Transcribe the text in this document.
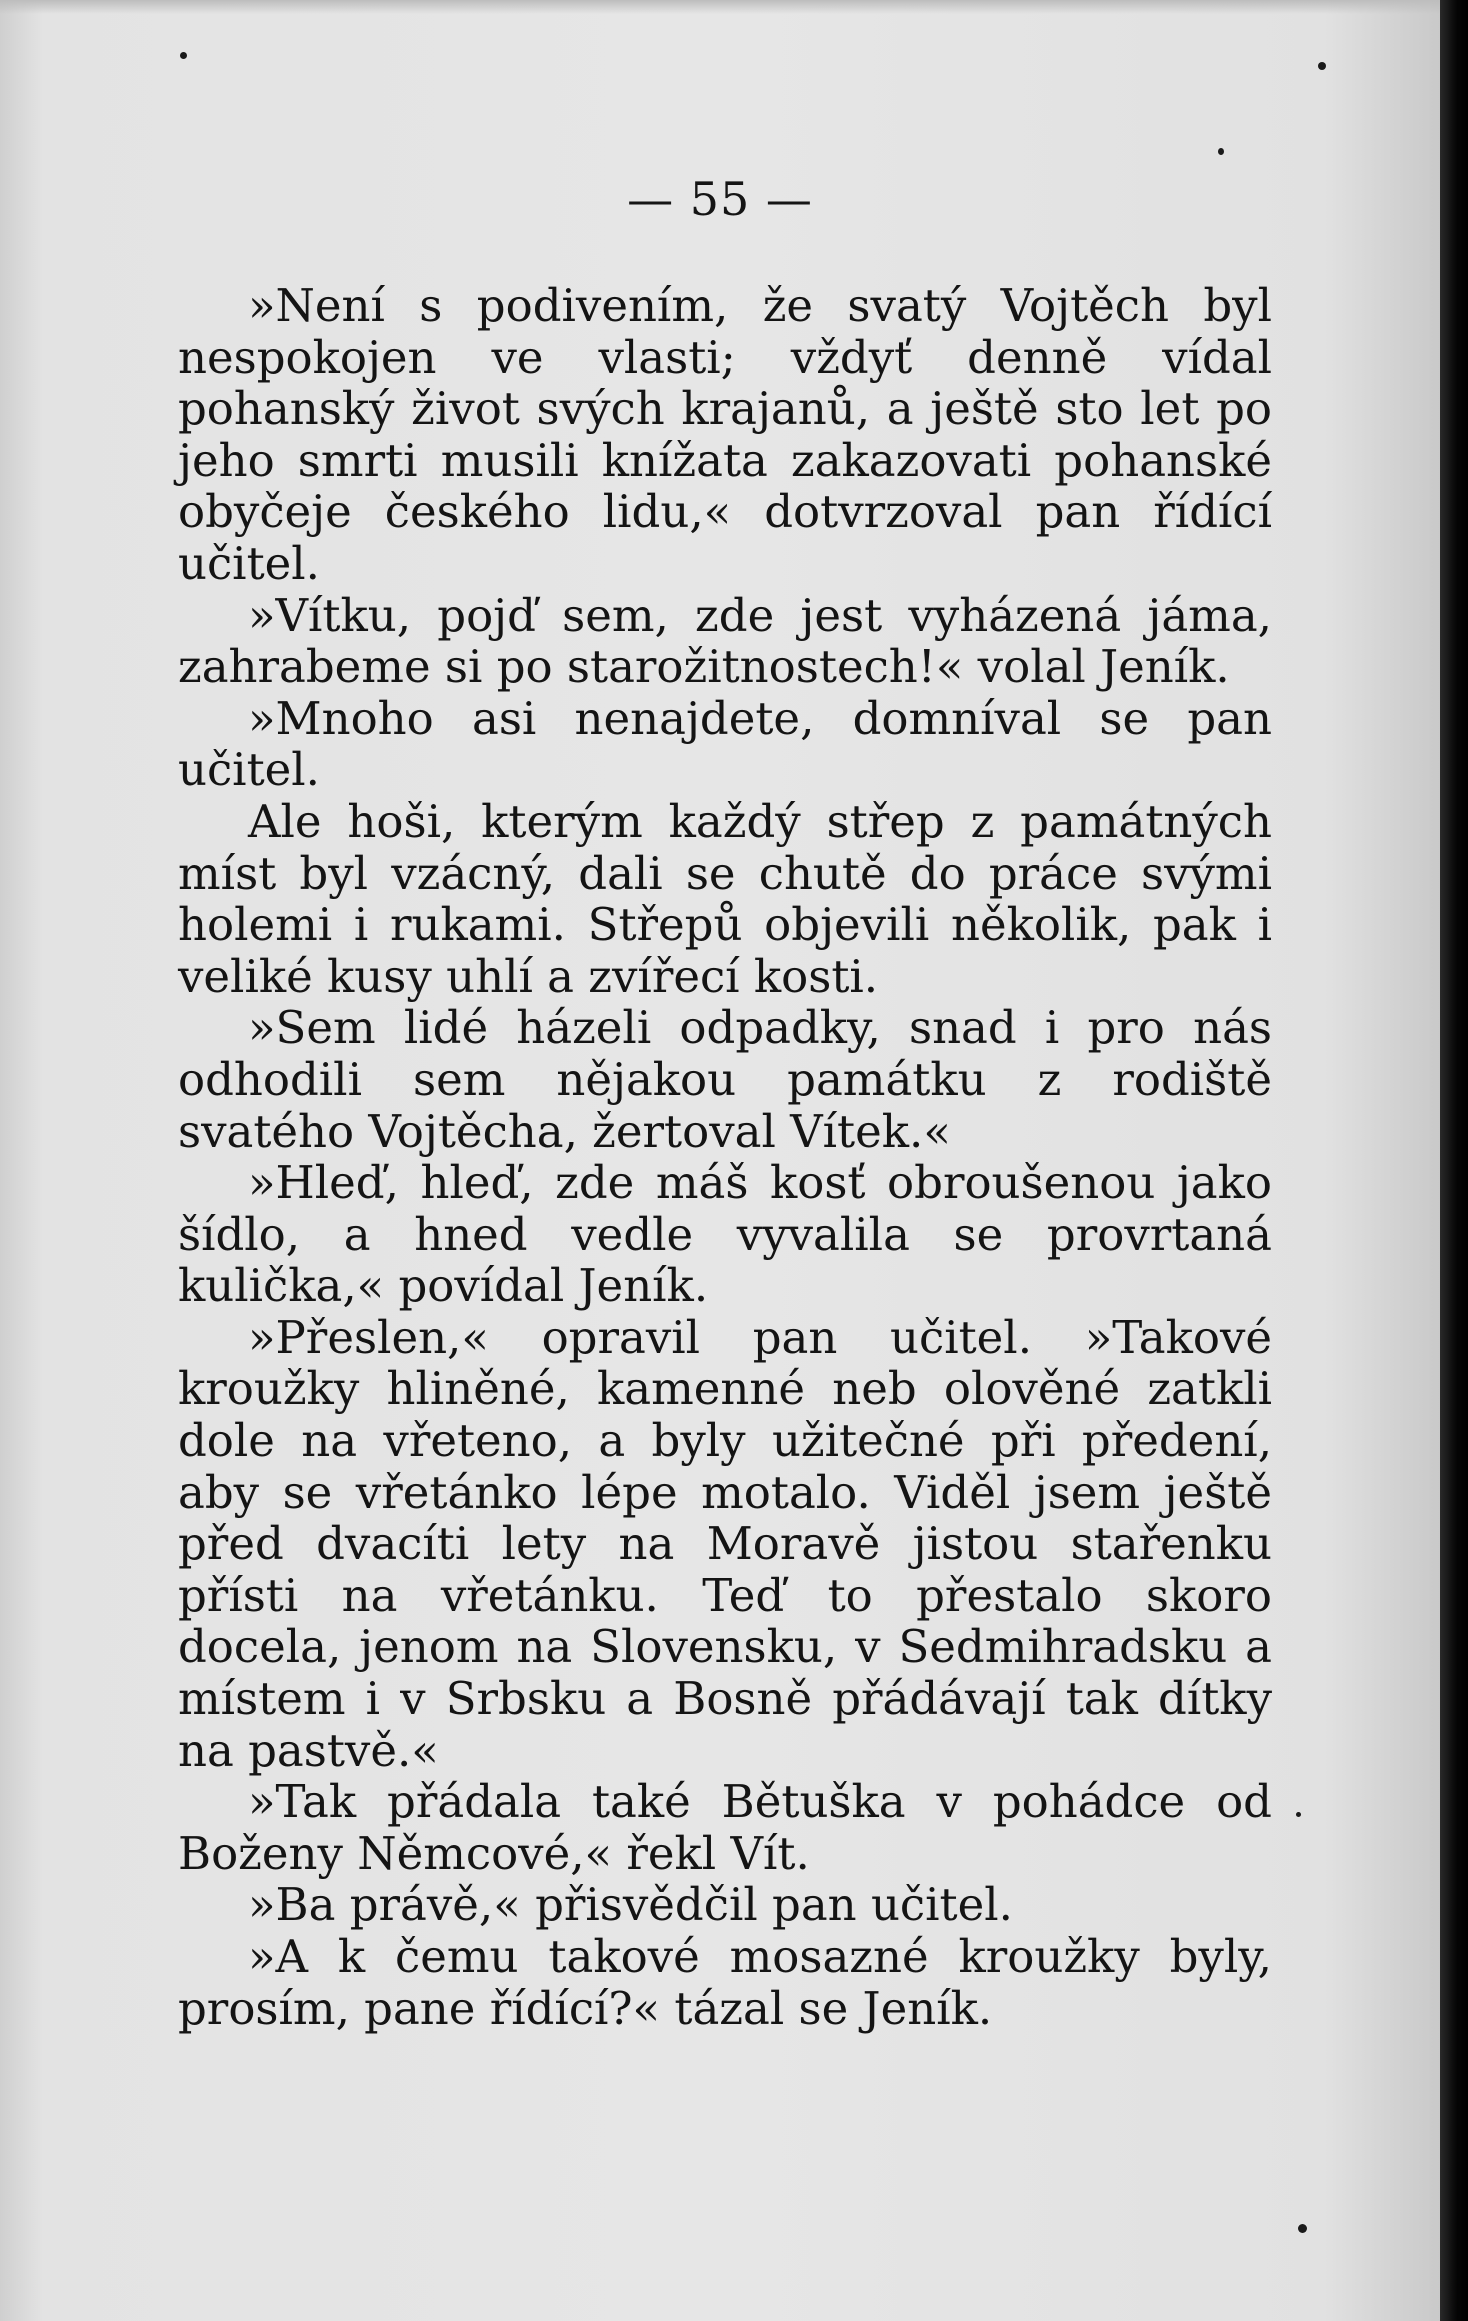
— 55 —

»Není s podivením, že svatý Vojtěch byl nespokojen ve vlasti; vždyť denně vídal pohanský život svých krajanů, a ještě sto let po jeho smrti musili knížata zakazovati pohanské obyčeje českého lidu,« dotvrzoval pan řídící učitel.

»Vítku, pojď sem, zde jest vyházená jáma, zahrabeme si po starožitnostech!« volal Jeník.

»Mnoho asi nenajdete, domníval se pan učitel.

Ale hoši, kterým každý střep z památných míst byl vzácný, dali se chutě do práce svými holemi i rukami. Střepů objevili několik, pak i veliké kusy uhlí a zvířecí kosti.

»Sem lidé házeli odpadky, snad i pro nás odhodili sem nějakou památku z rodiště svatého Vojtěcha, žertoval Vítek.«

»Hleď, hleď, zde máš kosť obroušenou jako šídlo, a hned vedle vyvalila se provrtaná kulička,« povídal Jeník.

»Přeslen,« opravil pan učitel. »Takové kroužky hliněné, kamenné neb olověné zatkli dole na vřeteno, a byly užitečné při předení, aby se vřetánko lépe motalo. Viděl jsem ještě před dvacíti lety na Moravě jistou stařenku přísti na vřetánku. Teď to přestalo skoro docela, jenom na Slovensku, v Sedmihradsku a místem i v Srbsku a Bosně přádávají tak dítky na pastvě.«

»Tak přádala také Bětuška v pohádce od Boženy Němcové,« řekl Vít.

»Ba právě,« přisvědčil pan učitel.

»A k čemu takové mosazné kroužky byly, prosím, pane řídící?« tázal se Jeník.
